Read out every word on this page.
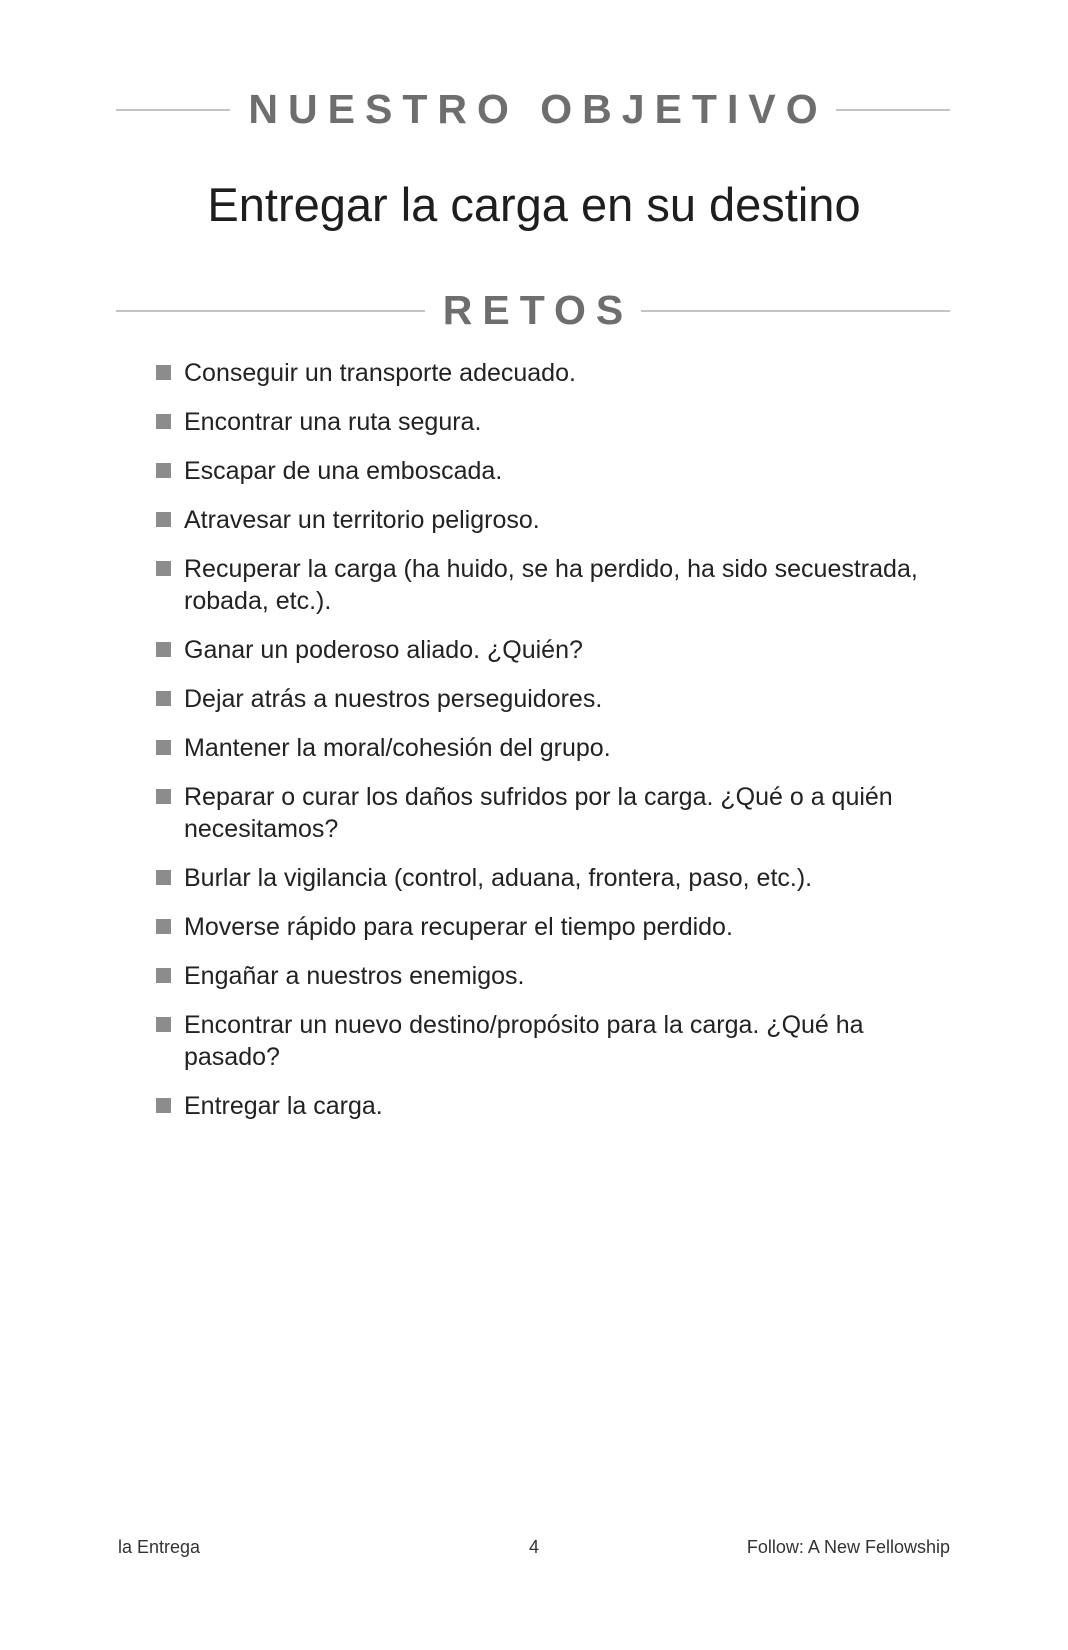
NUESTRO OBJETIVO
Entregar la carga en su destino
RETOS
Conseguir un transporte adecuado.
Encontrar una ruta segura.
Escapar de una emboscada.
Atravesar un territorio peligroso.
Recuperar la carga (ha huido, se ha perdido, ha sido secuestrada, robada, etc.).
Ganar un poderoso aliado. ¿Quién?
Dejar atrás a nuestros perseguidores.
Mantener la moral/cohesión del grupo.
Reparar o curar los daños sufridos por la carga. ¿Qué o a quién necesitamos?
Burlar la vigilancia (control, aduana, frontera, paso, etc.).
Moverse rápido para recuperar el tiempo perdido.
Engañar a nuestros enemigos.
Encontrar un nuevo destino/propósito para la carga. ¿Qué ha pasado?
Entregar la carga.
la Entrega	4	Follow: A New Fellowship
